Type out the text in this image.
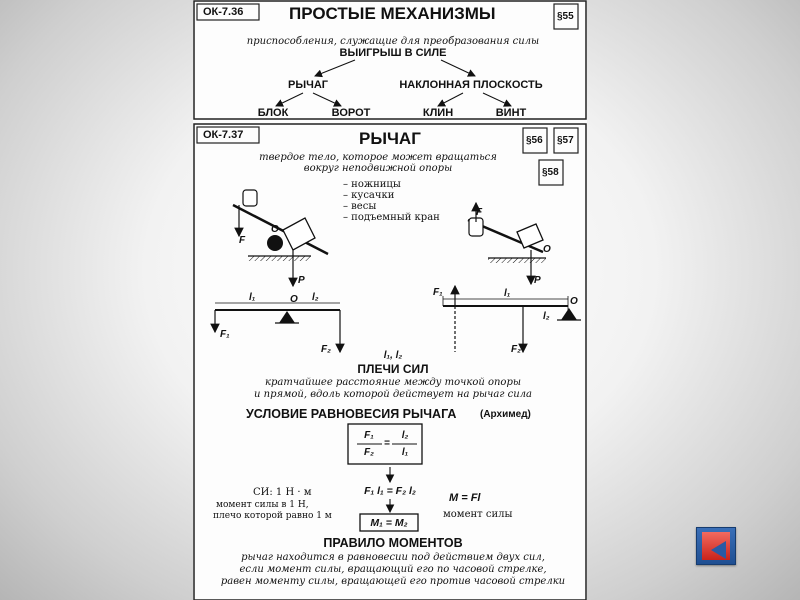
ОК-7.36	ПРОСТЫЕ МЕХАНИЗМЫ	§55
приспособления, служащие для преобразования силы
ВЫИГРЫШ В СИЛЕ
РЫЧАГ	НАКЛОННАЯ ПЛОСКОСТЬ
БЛОК	ВОРОТ	КЛИН	ВИНТ
ОК-7.37	РЫЧАГ	§56 §57
§58
твердое тело, которое может вращаться
вокруг неподвижной опоры
– ножницы
– кусачки
– весы
– подъемный кран
F
O
P
F
O
P
l₁	O l₂
F₁
F₂
F₁	l₁
O
l₂
F₂
l₁, l₂
ПЛЕЧИ СИЛ
кратчайшее расстояние между точкой опоры
и прямой, вдоль которой действует на рычаг сила
УСЛОВИЕ РАВНОВЕСИЯ РЫЧАГА (Архимед)
F₁
F₂
=
l₂
l₁
F₁ l₁ = F₂ l₂
M₁ = M₂
M = Fl
момент силы
СИ: 1 Н · м
момент силы в 1 Н,
плечо которой равно 1 м
ПРАВИЛО МОМЕНТОВ
рычаг находится в равновесии под действием двух сил,
если момент силы, вращающий его по часовой стрелке,
равен моменту силы, вращающей его против часовой стрелки
